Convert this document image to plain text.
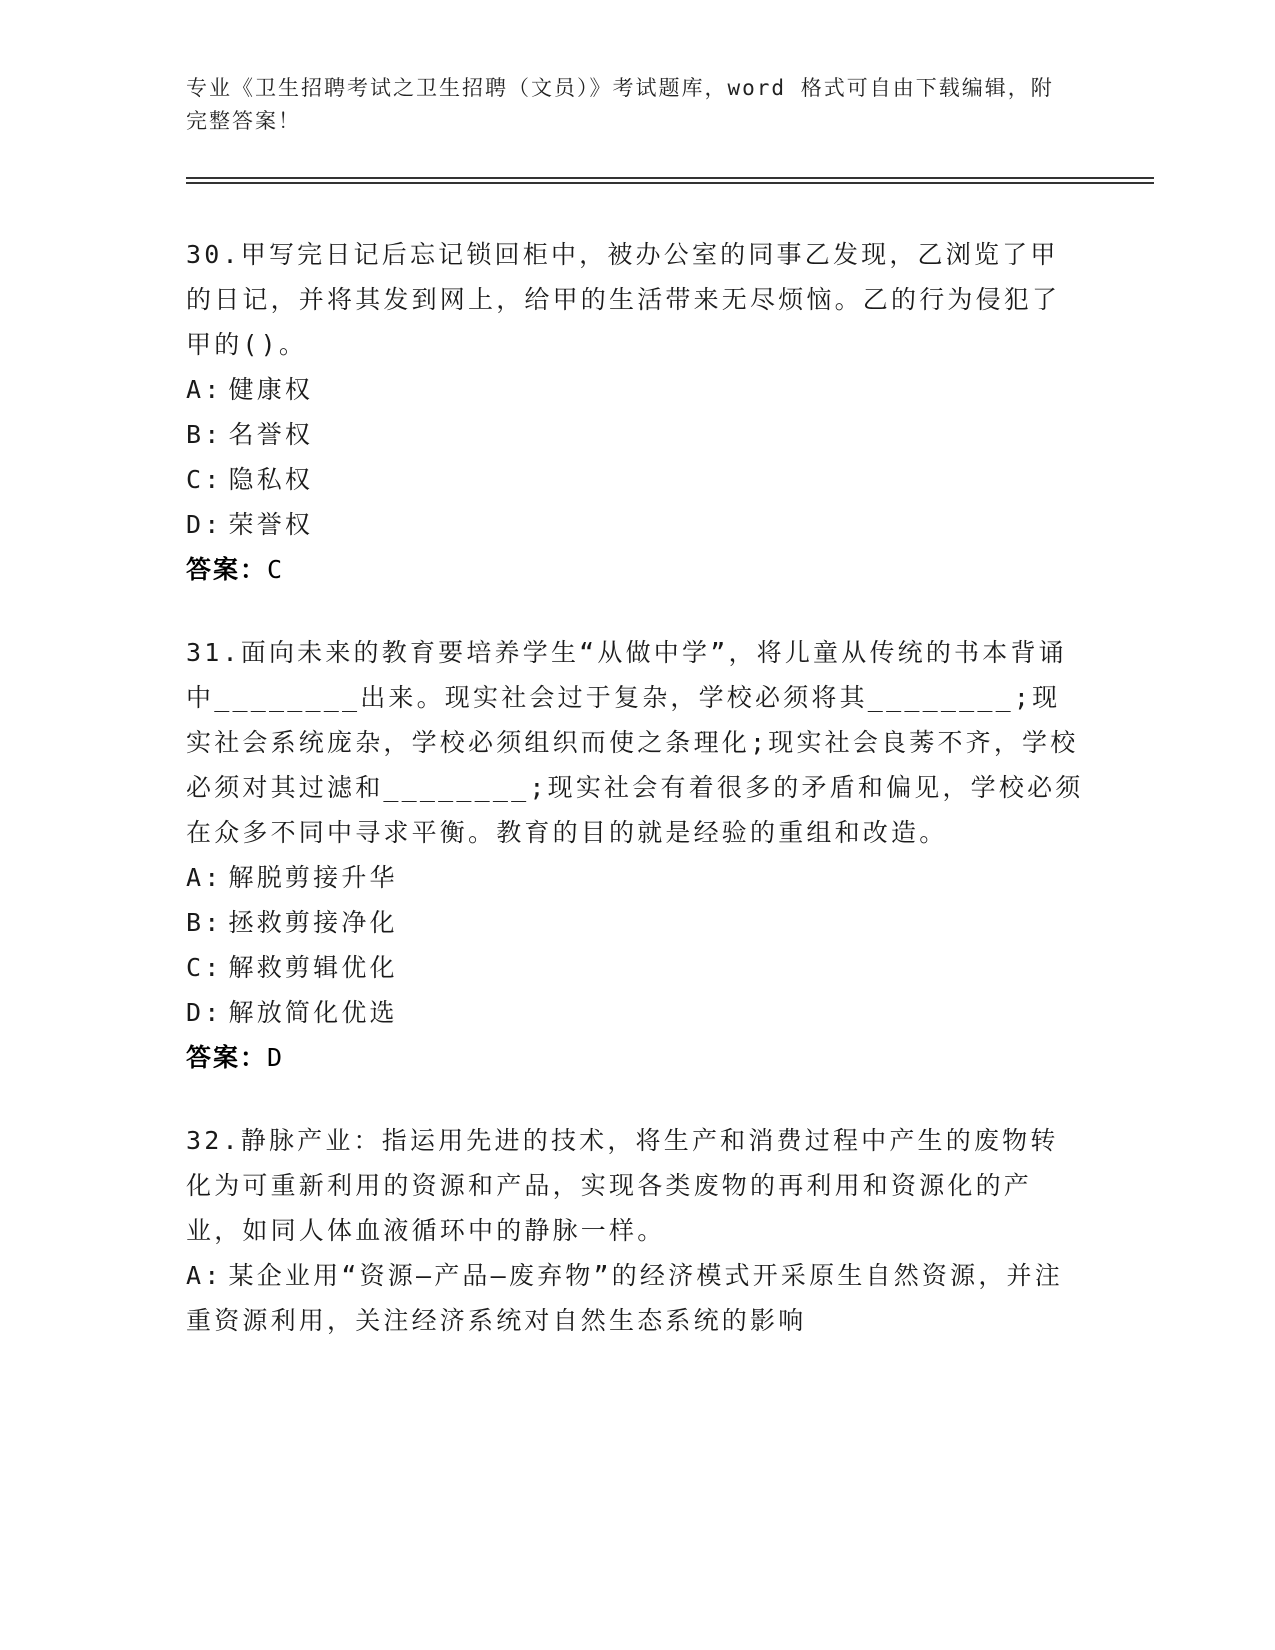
专业《卫生招聘考试之卫生招聘（文员）》考试题库，word 格式可自由下载编辑，附完整答案！
30.甲写完日记后忘记锁回柜中，被办公室的同事乙发现，乙浏览了甲的日记，并将其发到网上，给甲的生活带来无尽烦恼。乙的行为侵犯了甲的()。
A: 健康权
B: 名誉权
C: 隐私权
D: 荣誉权
答案：C
31.面向未来的教育要培养学生“从做中学”，将儿童从传统的书本背诵中________出来。现实社会过于复杂，学校必须将其________;现实社会系统庞杂，学校必须组织而使之条理化;现实社会良莠不齐，学校必须对其过滤和________;现实社会有着很多的矛盾和偏见，学校必须在众多不同中寻求平衡。教育的目的就是经验的重组和改造。
A: 解脱剪接升华
B: 拯救剪接净化
C: 解救剪辑优化
D: 解放简化优选
答案：D
32.静脉产业：指运用先进的技术，将生产和消费过程中产生的废物转化为可重新利用的资源和产品，实现各类废物的再利用和资源化的产业，如同人体血液循环中的静脉一样。
A: 某企业用“资源—产品—废弃物”的经济模式开采原生自然资源，并注重资源利用，关注经济系统对自然生态系统的影响
